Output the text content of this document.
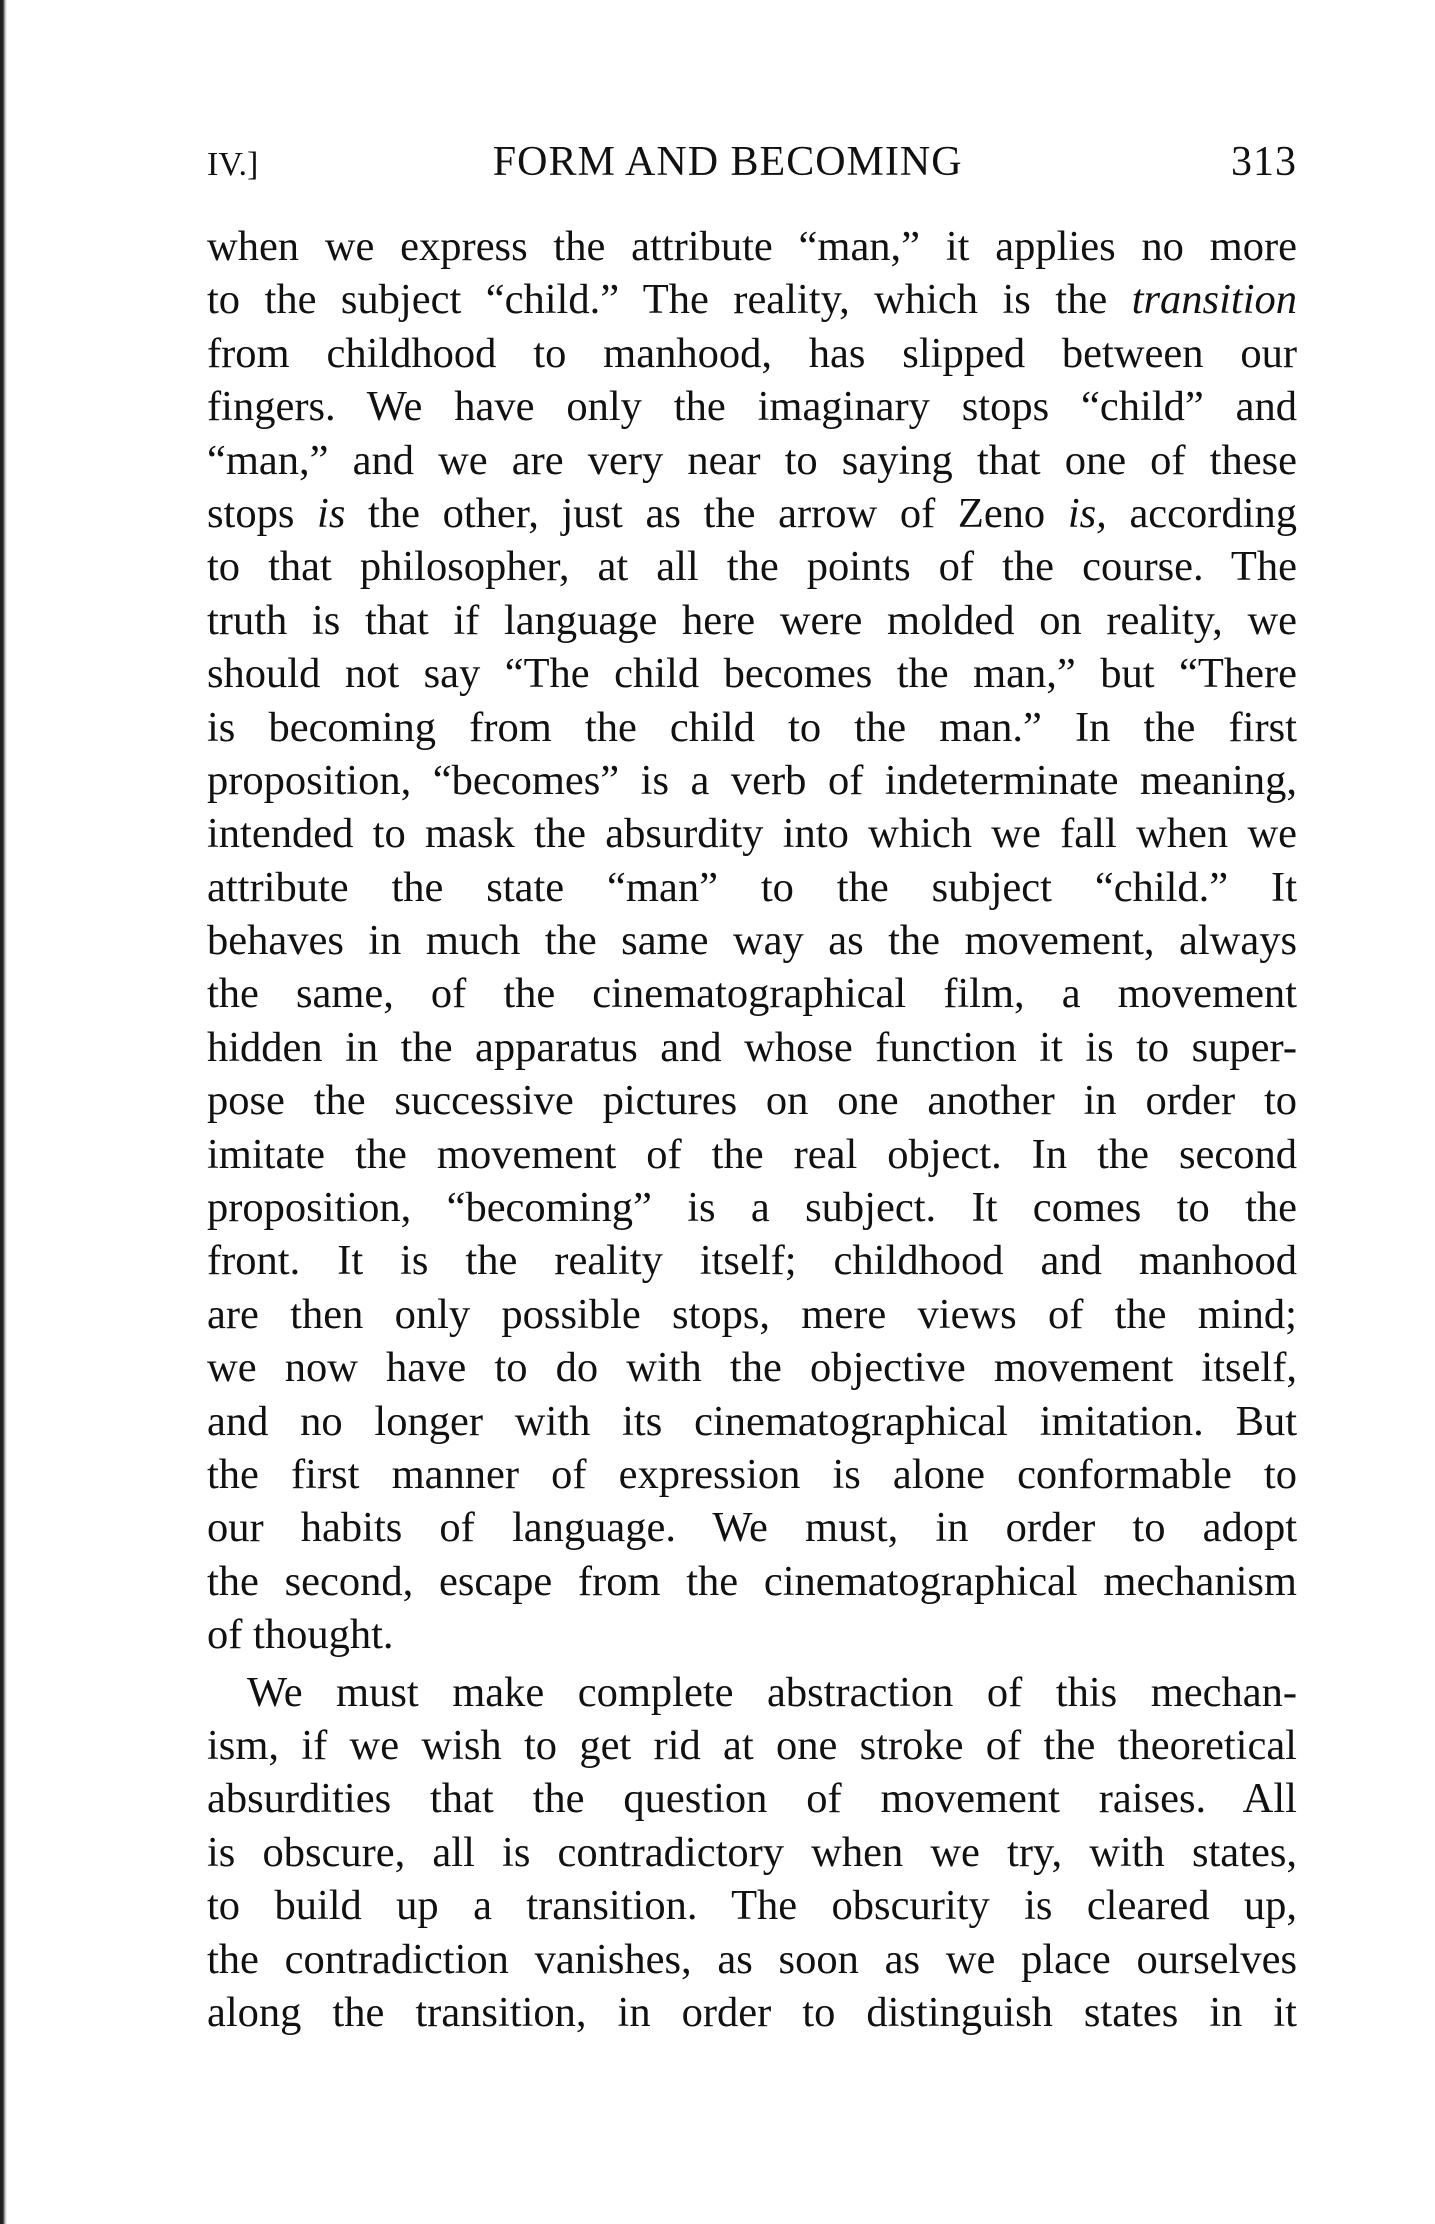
IV.]	FORM AND BECOMING	313
when we express the attribute “man,” it applies no more
to the subject “child.” The reality, which is the transition
from childhood to manhood, has slipped between our
fingers. We have only the imaginary stops “child” and
“man,” and we are very near to saying that one of these
stops is the other, just as the arrow of Zeno is, according
to that philosopher, at all the points of the course. The
truth is that if language here were molded on reality, we
should not say “The child becomes the man,” but “There
is becoming from the child to the man.” In the first
proposition, “becomes” is a verb of indeterminate meaning,
intended to mask the absurdity into which we fall when we
attribute the state “man” to the subject “child.” It
behaves in much the same way as the movement, always
the same, of the cinematographical film, a movement
hidden in the apparatus and whose function it is to super-
pose the successive pictures on one another in order to
imitate the movement of the real object. In the second
proposition, “becoming” is a subject. It comes to the
front. It is the reality itself; childhood and manhood
are then only possible stops, mere views of the mind;
we now have to do with the objective movement itself,
and no longer with its cinematographical imitation. But
the first manner of expression is alone conformable to
our habits of language. We must, in order to adopt
the second, escape from the cinematographical mechanism
of thought.
We must make complete abstraction of this mechan-
ism, if we wish to get rid at one stroke of the theoretical
absurdities that the question of movement raises. All
is obscure, all is contradictory when we try, with states,
to build up a transition. The obscurity is cleared up,
the contradiction vanishes, as soon as we place ourselves
along the transition, in order to distinguish states in it
